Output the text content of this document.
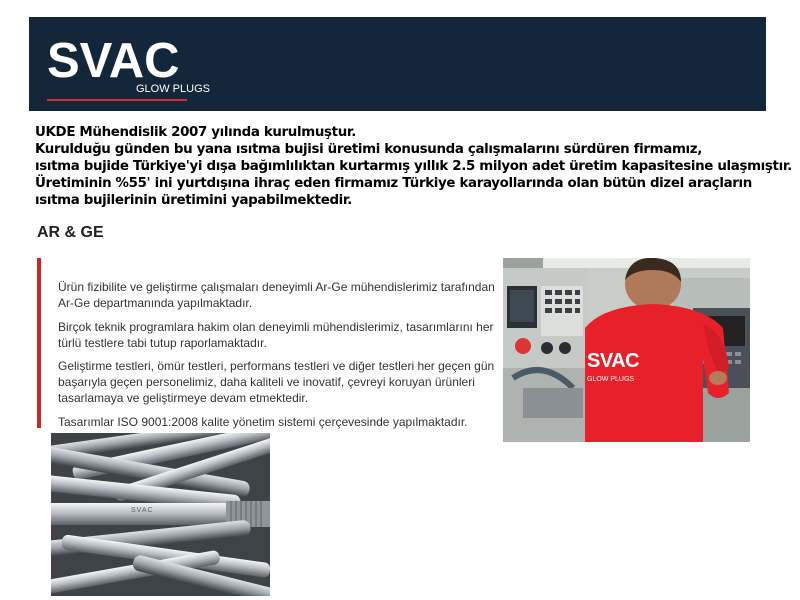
SVAC
GLOW PLUGS

UKDE Mühendislik 2007 yılında kurulmuştur.

Kurulduğu günden bu yana ısıtma bujisi üretimi konusunda çalışmalarını sürdüren firmamız,

ısıtma bujide Türkiye'yi dışa bağımlılıktan kurtarmış yıllık 2.5 milyon adet üretim kapasitesine ulaşmıştır.

Üretiminin %55' ini yurtdışına ihraç eden firmamız Türkiye karayollarında olan bütün dizel araçların

ısıtma bujilerinin üretimini yapabilmektedir.

AR & GE

Ürün fizibilite ve geliştirme çalışmaları deneyimli Ar-Ge mühendislerimiz tarafından Ar-Ge departmanında yapılmaktadır.

Birçok teknik programlara hakim olan deneyimli mühendislerimiz, tasarımlarını her türlü testlere tabi tutup raporlamaktadır.

Geliştirme testleri, ömür testleri, performans testleri ve diğer testleri her geçen gün başarıyla geçen personelimiz, daha kaliteli ve inovatif, çevreyi koruyan ürünleri tasarlamaya ve geliştirmeye devam etmektedir.

Tasarımlar ISO 9001:2008 kalite yönetim sistemi çerçevesinde yapılmaktadır.

SVAC
GLOW PLUGS
SVAC
